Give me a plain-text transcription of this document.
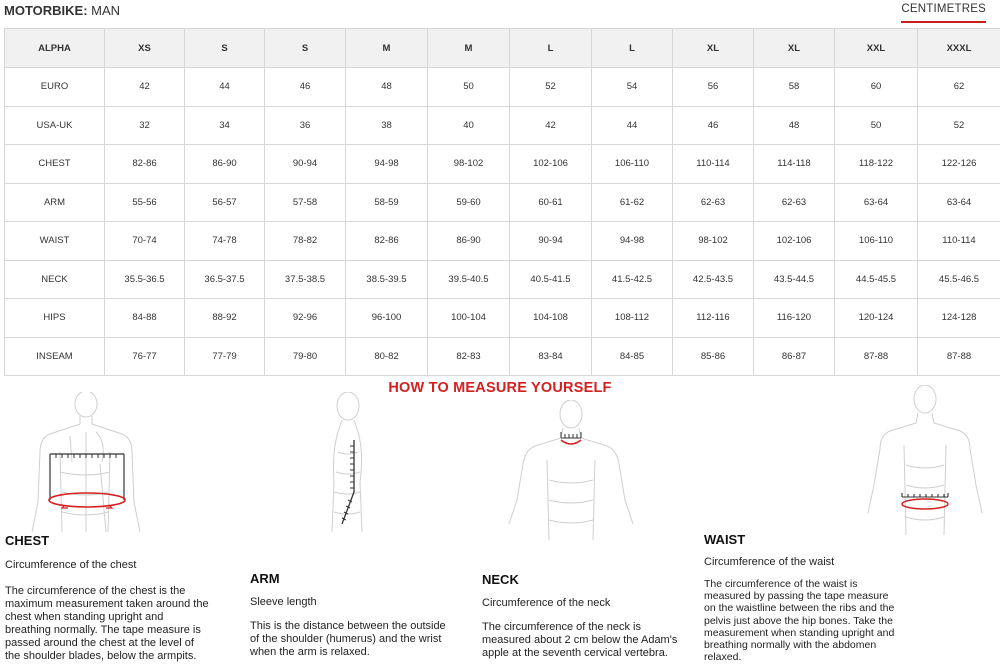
MOTORBIKE: MAN	CENTIMETRES
ALPHA	XS	S	S	M	M	L	L	XL	XL	XXL	XXXL
EURO	42	44	46	48	50	52	54	56	58	60	62
USA-UK	32	34	36	38	40	42	44	46	48	50	52
CHEST	82-86	86-90	90-94	94-98	98-102	102-106	106-110	110-114	114-118	118-122	122-126
ARM	55-56	56-57	57-58	58-59	59-60	60-61	61-62	62-63	62-63	63-64	63-64
WAIST	70-74	74-78	78-82	82-86	86-90	90-94	94-98	98-102	102-106	106-110	110-114
NECK	35.5-36.5	36.5-37.5	37.5-38.5	38.5-39.5	39.5-40.5	40.5-41.5	41.5-42.5	42.5-43.5	43.5-44.5	44.5-45.5	45.5-46.5
HIPS	84-88	88-92	92-96	96-100	100-104	104-108	108-112	112-116	116-120	120-124	124-128
INSEAM	76-77	77-79	79-80	80-82	82-83	83-84	84-85	85-86	86-87	87-88	87-88
HOW TO MEASURE YOURSELF
CHEST
Circumference of the chest
The circumference of the chest is the
maximum measurement taken around the
chest when standing upright and
breathing normally. The tape measure is
passed around the chest at the level of
the shoulder blades, below the armpits.
ARM
Sleeve length
This is the distance between the outside
of the shoulder (humerus) and the wrist
when the arm is relaxed.
NECK
Circumference of the neck
The circumference of the neck is
measured about 2 cm below the Adam's
apple at the seventh cervical vertebra.
WAIST
Circumference of the waist
The circumference of the waist is
measured by passing the tape measure
on the waistline between the ribs and the
pelvis just above the hip bones. Take the
measurement when standing upright and
breathing normally with the abdomen
relaxed.
